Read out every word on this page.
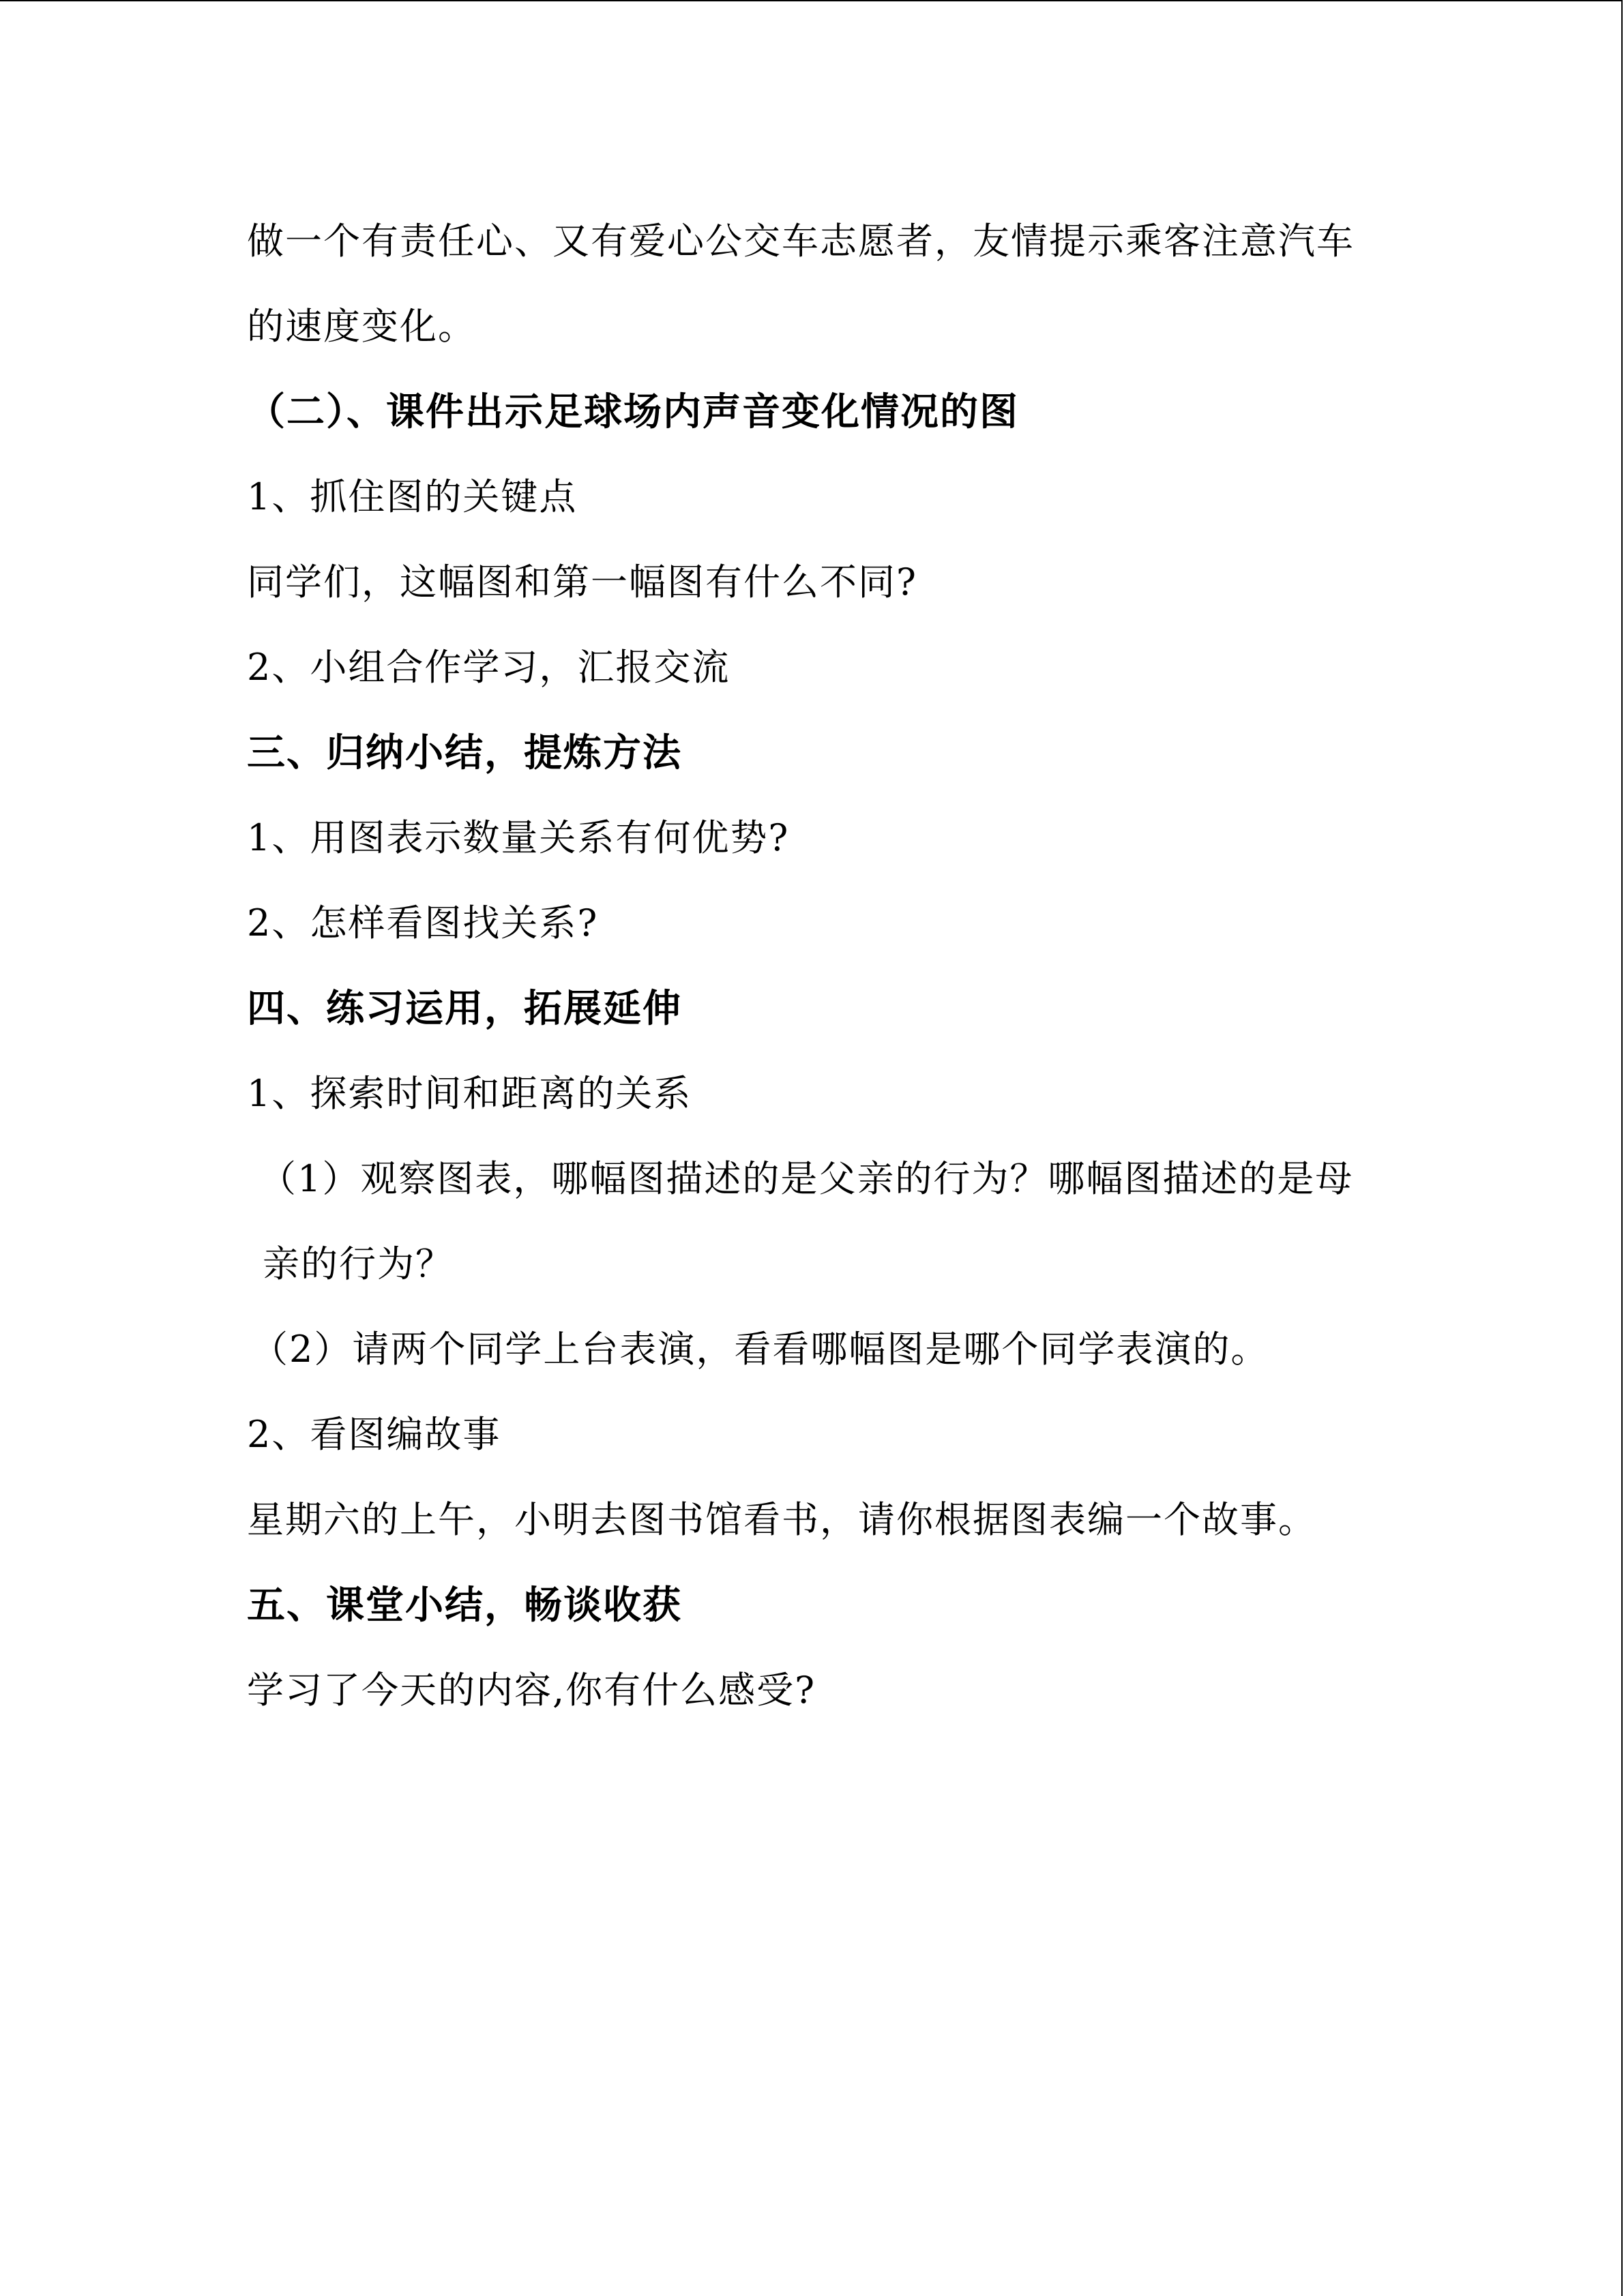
做一个有责任心、又有爱心公交车志愿者，友情提示乘客注意汽车
的速度变化。
（二）、课件出示足球场内声音变化情况的图
1、抓住图的关键点
同学们，这幅图和第一幅图有什么不同?
2、小组合作学习，汇报交流
三、归纳小结，提炼方法
1、用图表示数量关系有何优势?
2、怎样看图找关系?
四、练习运用，拓展延伸
1、探索时间和距离的关系
（1）观察图表，哪幅图描述的是父亲的行为？哪幅图描述的是母
亲的行为？
（2）请两个同学上台表演，看看哪幅图是哪个同学表演的。
2、看图编故事
星期六的上午，小明去图书馆看书，请你根据图表编一个故事。
五、课堂小结，畅谈收获
学习了今天的内容,你有什么感受?
